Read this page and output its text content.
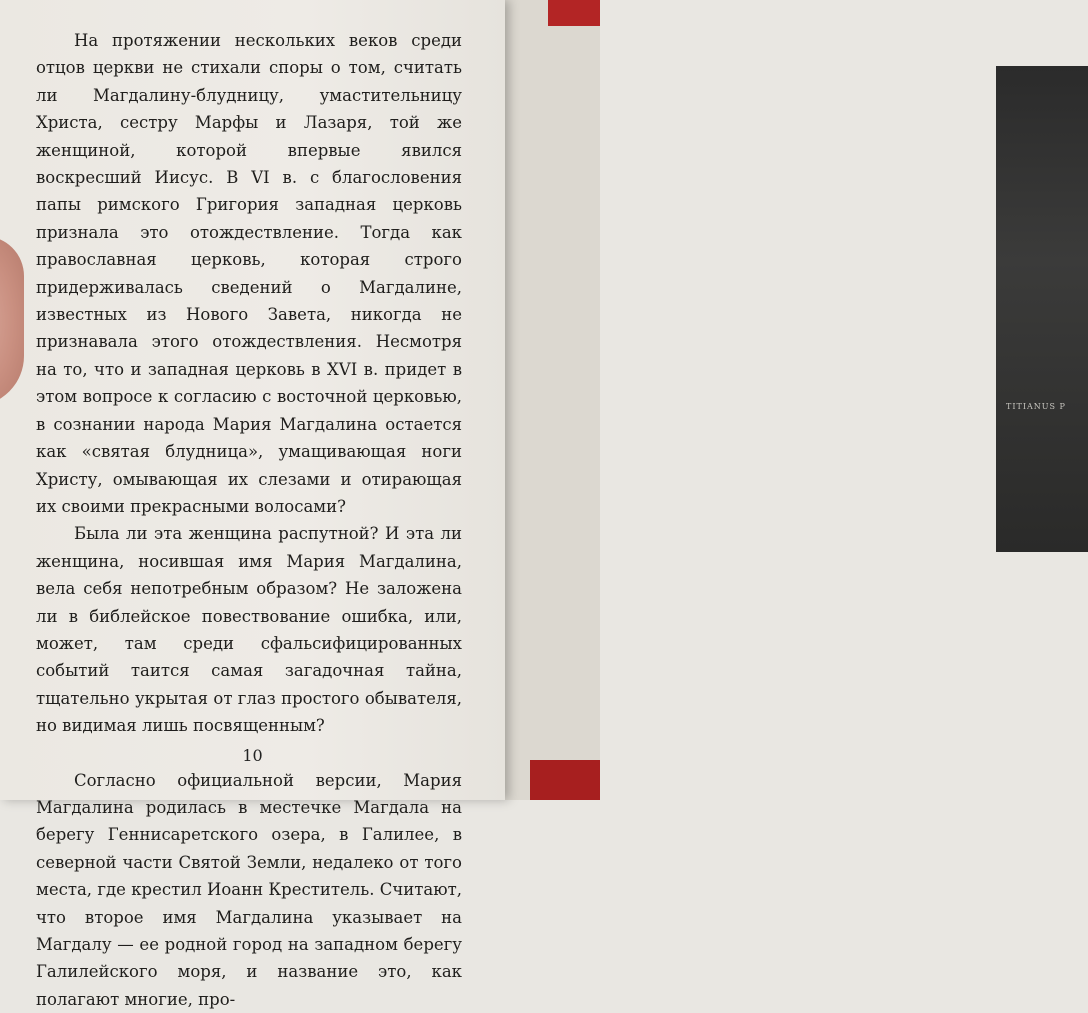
TITIANUS P

На протяжении нескольких веков среди отцов церкви не стихали споры о том, считать ли Магдалину-блудницу, умастительницу Христа, сестру Марфы и Лазаря, той же женщиной, которой впервые явился воскресший Иисус. В VI в. с благословения папы римского Григория западная церковь признала это отождествление. Тогда как православная церковь, которая строго придерживалась сведений о Магдалине, известных из Нового Завета, никогда не признавала этого отождествления. Несмотря на то, что и западная церковь в XVI в. придет в этом вопросе к согласию с восточной церковью, в сознании народа Мария Магдалина остается как «святая блудница», умащивающая ноги Христу, омывающая их слезами и отирающая их своими прекрасными волосами?

Была ли эта женщина распутной? И эта ли женщина, носившая имя Мария Магдалина, вела себя непотребным образом? Не заложена ли в библейское повествование ошибка, или, может, там среди сфальсифицированных событий таится самая загадочная тайна, тщательно укрытая от глаз простого обывателя, но видимая лишь посвященным?

Согласно официальной версии, Мария Магдалина родилась в местечке Магдала на берегу Геннисаретского озера, в Галилее, в северной части Святой Земли, недалеко от того места, где крестил Иоанн Креститель. Считают, что второе имя Магдалина указывает на Магдалу — ее родной город на западном берегу Галилейского моря, и название это, как полагают многие, про-

10
